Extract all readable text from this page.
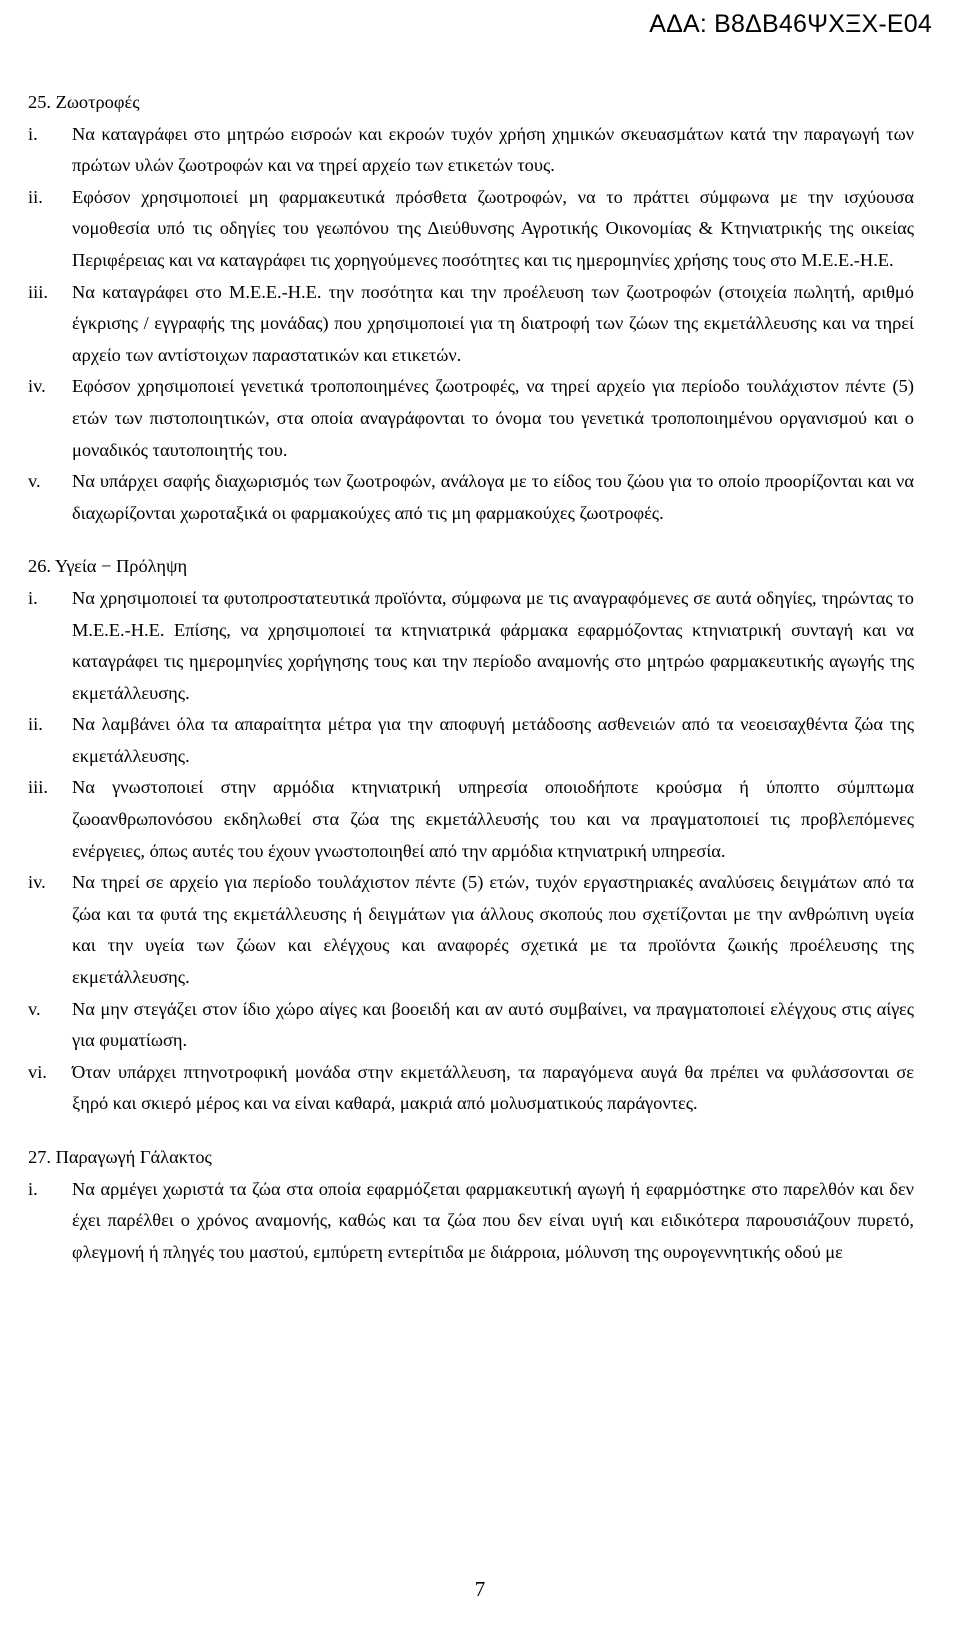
ΑΔΑ: Β8ΔΒ46ΨΧΞΧ-Ε04

25. Ζωοτροφές

i.	Να καταγράφει στο μητρώο εισροών και εκροών τυχόν χρήση χημικών σκευασμάτων κατά την παραγωγή των πρώτων υλών ζωοτροφών και να τηρεί αρχείο των ετικετών τους.

ii.	Εφόσον χρησιμοποιεί μη φαρμακευτικά πρόσθετα ζωοτροφών, να το πράττει σύμφωνα με την ισχύουσα νομοθεσία υπό τις οδηγίες του γεωπόνου της Διεύθυνσης Αγροτικής Οικονομίας & Κτηνιατρικής της οικείας Περιφέρειας και να καταγράφει τις χορηγούμενες ποσότητες και τις ημερομηνίες χρήσης τους στο Μ.Ε.Ε.-Η.Ε.

iii.	Να καταγράφει στο Μ.Ε.Ε.-Η.Ε. την ποσότητα και την προέλευση των ζωοτροφών (στοιχεία πωλητή, αριθμό έγκρισης / εγγραφής της μονάδας) που χρησιμοποιεί για τη διατροφή των ζώων της εκμετάλλευσης και να τηρεί αρχείο των αντίστοιχων παραστατικών και ετικετών.

iv.	Εφόσον χρησιμοποιεί γενετικά τροποποιημένες ζωοτροφές, να τηρεί αρχείο για περίοδο τουλάχιστον πέντε (5) ετών των πιστοποιητικών, στα οποία αναγράφονται το όνομα του γενετικά τροποποιημένου οργανισμού και ο μοναδικός ταυτοποιητής του.

v.	Να υπάρχει σαφής διαχωρισμός των ζωοτροφών, ανάλογα με το είδος του ζώου για το οποίο προορίζονται και να διαχωρίζονται χωροταξικά οι φαρμακούχες από τις μη φαρμακούχες ζωοτροφές.

26. Υγεία − Πρόληψη

i.	Να χρησιμοποιεί τα φυτοπροστατευτικά προϊόντα, σύμφωνα με τις αναγραφόμενες σε αυτά οδηγίες, τηρώντας το Μ.Ε.Ε.-Η.Ε. Επίσης, να χρησιμοποιεί τα κτηνιατρικά φάρμακα εφαρμόζοντας κτηνιατρική συνταγή και να καταγράφει τις ημερομηνίες χορήγησης τους και την περίοδο αναμονής στο μητρώο φαρμακευτικής αγωγής της εκμετάλλευσης.

ii.	Να λαμβάνει όλα τα απαραίτητα μέτρα για την αποφυγή μετάδοσης ασθενειών από τα νεοεισαχθέντα ζώα της εκμετάλλευσης.

iii.	Να γνωστοποιεί στην αρμόδια κτηνιατρική υπηρεσία οποιοδήποτε κρούσμα ή ύποπτο σύμπτωμα ζωοανθρωπονόσου εκδηλωθεί στα ζώα της εκμετάλλευσής του και να πραγματοποιεί τις προβλεπόμενες ενέργειες, όπως αυτές του έχουν γνωστοποιηθεί από την αρμόδια κτηνιατρική υπηρεσία.

iv.	Να τηρεί σε αρχείο για περίοδο τουλάχιστον πέντε (5) ετών, τυχόν εργαστηριακές αναλύσεις δειγμάτων από τα ζώα και τα φυτά της εκμετάλλευσης ή δειγμάτων για άλλους σκοπούς που σχετίζονται με την ανθρώπινη υγεία και την υγεία των ζώων και ελέγχους και αναφορές σχετικά με τα προϊόντα ζωικής προέλευσης της εκμετάλλευσης.

v.	Να μην στεγάζει στον ίδιο χώρο αίγες και βοοειδή και αν αυτό συμβαίνει, να πραγματοποιεί ελέγχους στις αίγες για φυματίωση.

vi.	Όταν υπάρχει πτηνοτροφική μονάδα στην εκμετάλλευση, τα παραγόμενα αυγά θα πρέπει να φυλάσσονται σε ξηρό και σκιερό μέρος και να είναι καθαρά, μακριά από μολυσματικούς παράγοντες.

27. Παραγωγή Γάλακτος

i.	Να αρμέγει χωριστά τα ζώα στα οποία εφαρμόζεται φαρμακευτική αγωγή ή εφαρμόστηκε στο παρελθόν και δεν έχει παρέλθει ο χρόνος αναμονής, καθώς και τα ζώα που δεν είναι υγιή και ειδικότερα παρουσιάζουν πυρετό, φλεγμονή ή πληγές του μαστού, εμπύρετη εντερίτιδα με διάρροια, μόλυνση της ουρογεννητικής οδού με

7
